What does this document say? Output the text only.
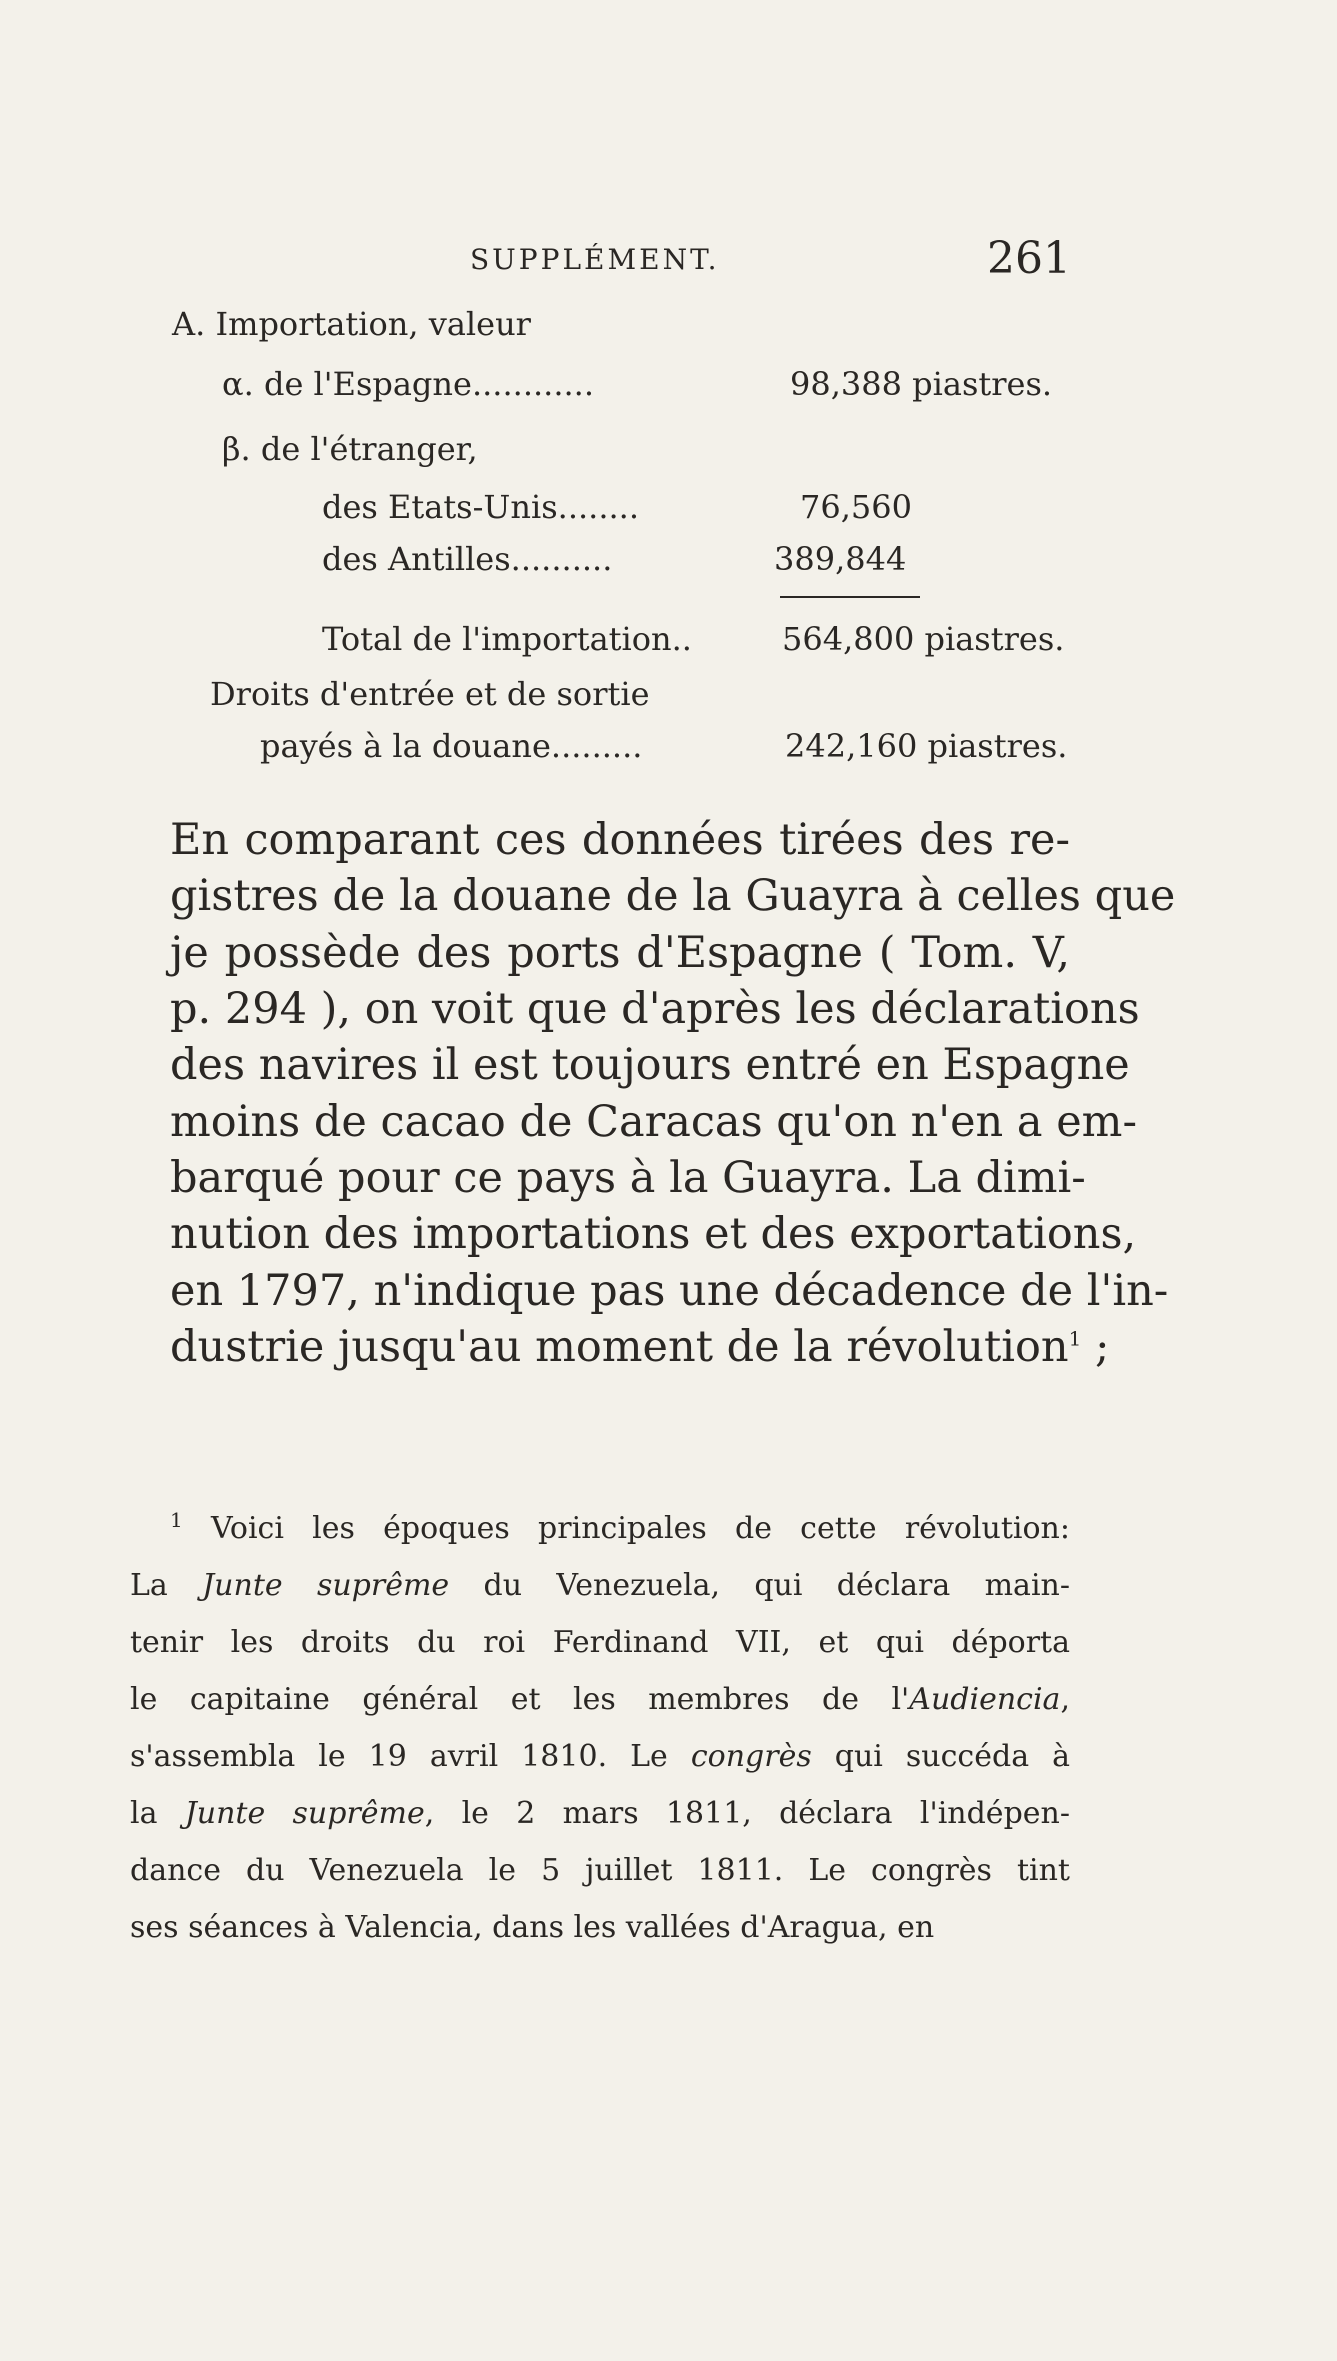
SUPPLÉMENT.	261
A. Importation, valeur
α. de l'Espagne............	98,388 piastres.
β. de l'étranger,
des Etats-Unis........	76,560
des Antilles..........	389,844
Total de l'importation..	564,800 piastres.
Droits d'entrée et de sortie
payés à la douane.........	242,160 piastres.
En comparant ces données tirées des re-
gistres de la douane de la Guayra à celles que
je possède des ports d'Espagne ( Tom. V,
p. 294 ), on voit que d'après les déclarations
des navires il est toujours entré en Espagne
moins de cacao de Caracas qu'on n'en a em-
barqué pour ce pays à la Guayra. La dimi-
nution des importations et des exportations,
en 1797, n'indique pas une décadence de l'in-
dustrie jusqu'au moment de la révolution$^1$ ;
$^1$ Voici les époques principales de cette révolution:
La Junte suprême du Venezuela, qui déclara main-
tenir les droits du roi Ferdinand VII, et qui déporta
le capitaine général et les membres de l'Audiencia,
s'assembla le 19 avril 1810. Le congrès qui succéda à
la Junte suprême, le 2 mars 1811, déclara l'indépen-
dance du Venezuela le 5 juillet 1811. Le congrès tint
ses séances à Valencia, dans les vallées d'Aragua, en
